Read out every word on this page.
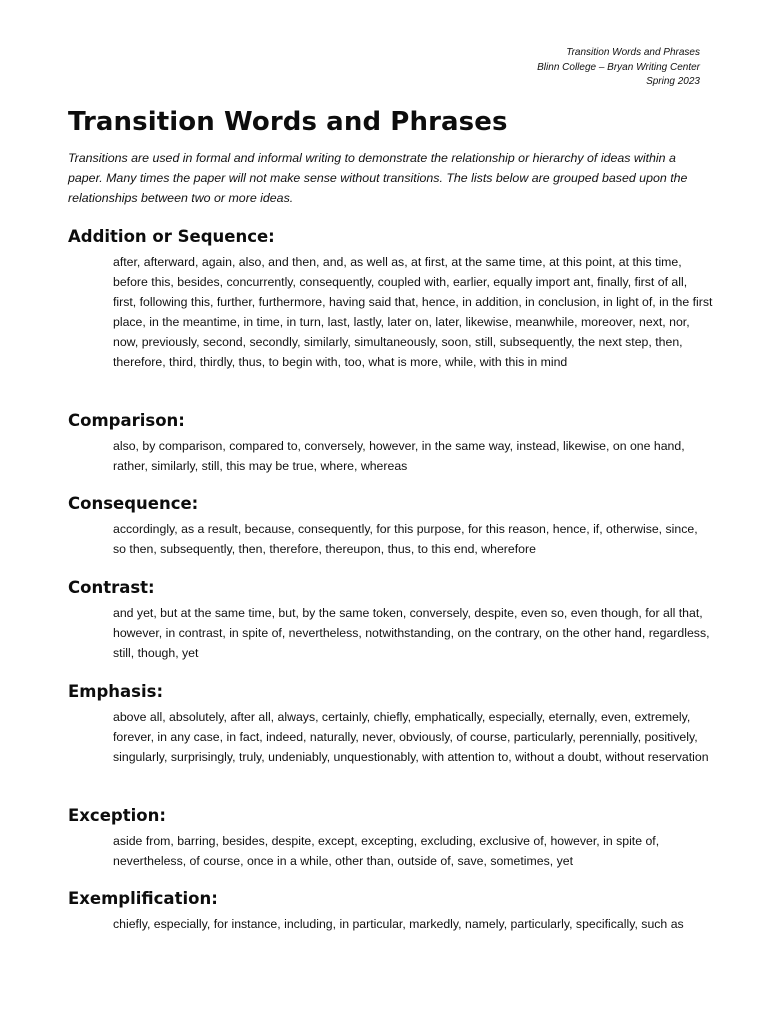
Transition Words and Phrases
Blinn College – Bryan Writing Center
Spring 2023
Transition Words and Phrases

Transitions are used in formal and informal writing to demonstrate the relationship or hierarchy of ideas within a paper. Many times the paper will not make sense without transitions. The lists below are grouped based upon the relationships between two or more ideas.

Addition or Sequence:

after, afterward, again, also, and then, and, as well as, at first, at the same time, at this point, at this time, before this, besides, concurrently, consequently, coupled with, earlier, equally import ant, finally, first of all, first, following this, further, furthermore, having said that, hence, in addition, in conclusion, in light of, in the first place, in the meantime, in time, in turn, last, lastly, later on, later, likewise, meanwhile, moreover, next, nor, now, previously, second, secondly, similarly, simultaneously, soon, still, subsequently, the next step, then, therefore, third, thirdly, thus, to begin with, too, what is more, while, with this in mind

Comparison:

also, by comparison, compared to, conversely, however, in the same way, instead, likewise, on one hand, rather, similarly, still, this may be true, where, whereas

Consequence:

accordingly, as a result, because, consequently, for this purpose, for this reason, hence, if, otherwise, since, so then, subsequently, then, therefore, thereupon, thus, to this end, wherefore

Contrast:

and yet, but at the same time, but, by the same token, conversely, despite, even so, even though, for all that, however, in contrast, in spite of, nevertheless, notwithstanding, on the contrary, on the other hand, regardless, still, though, yet

Emphasis:

above all, absolutely, after all, always, certainly, chiefly, emphatically, especially, eternally, even, extremely, forever, in any case, in fact, indeed, naturally, never, obviously, of course, particularly, perennially, positively, singularly, surprisingly, truly, undeniably, unquestionably, with attention to, without a doubt, without reservation

Exception:

aside from, barring, besides, despite, except, excepting, excluding, exclusive of, however, in spite of, nevertheless, of course, once in a while, other than, outside of, save, sometimes, yet

Exemplification:

chiefly, especially, for instance, including, in particular, markedly, namely, particularly, specifically, such as
